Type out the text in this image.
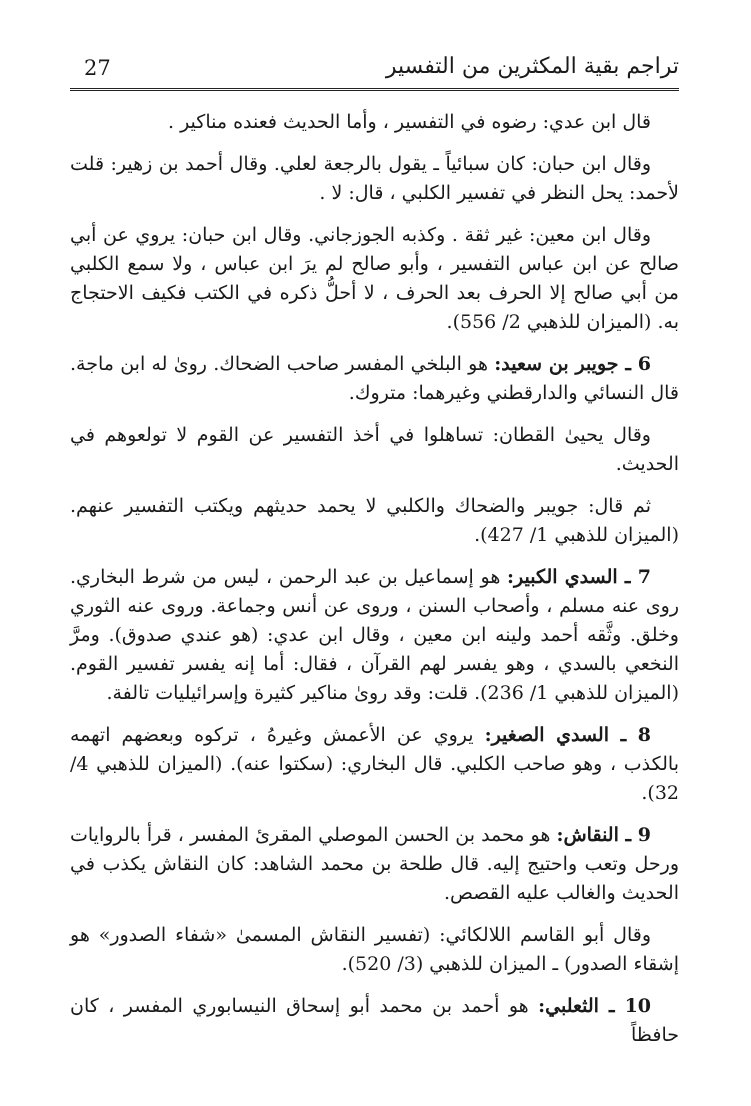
27	تراجم بقية المكثرين من التفسير

قال ابن عدي: رضوه في التفسير ، وأما الحديث فعنده مناكير .

وقال ابن حبان: كان سبائياً ـ يقول بالرجعة لعلي. وقال أحمد بن زهير: قلت لأحمد: يحل النظر في تفسير الكلبي ، قال: لا .

وقال ابن معين: غير ثقة . وكذبه الجوزجاني. وقال ابن حبان: يروي عن أبي صالح عن ابن عباس التفسير ، وأبو صالح لم يرَ ابن عباس ، ولا سمع الكلبي من أبي صالح إلا الحرف بعد الحرف ، لا أحلُّ ذكره في الكتب فكيف الاحتجاج به. (الميزان للذهبي 2/ 556).

6 ـ جويبر بن سعيد: هو البلخي المفسر صاحب الضحاك. روىٰ له ابن ماجة. قال النسائي والدارقطني وغيرهما: متروك.

وقال يحيىٰ القطان: تساهلوا في أخذ التفسير عن القوم لا تولعوهم في الحديث.

ثم قال: جويبر والضحاك والكلبي لا يحمد حديثهم ويكتب التفسير عنهم. (الميزان للذهبي 1/ 427).

7 ـ السدي الكبير: هو إسماعيل بن عبد الرحمن ، ليس من شرط البخاري. روى عنه مسلم ، وأصحاب السنن ، وروى عن أنس وجماعة. وروى عنه الثوري وخلق. وثَّقه أحمد ولينه ابن معين ، وقال ابن عدي: (هو عندي صدوق). ومرَّ النخعي بالسدي ، وهو يفسر لهم القرآن ، فقال: أما إنه يفسر تفسير القوم. (الميزان للذهبي 1/ 236). قلت: وقد روىٰ مناكير كثيرة وإسرائيليات تالفة.

8 ـ السدي الصغير: يروي عن الأعمش وغيرهُ ، تركوه وبعضهم اتهمه بالكذب ، وهو صاحب الكلبي. قال البخاري: (سكتوا عنه). (الميزان للذهبي 4/ 32).

9 ـ النقاش: هو محمد بن الحسن الموصلي المقرئ المفسر ، قرأ بالروايات ورحل وتعب واحتيج إليه. قال طلحة بن محمد الشاهد: كان النقاش يكذب في الحديث والغالب عليه القصص.

وقال أبو القاسم اللالكائي: (تفسير النقاش المسمىٰ «شفاء الصدور» هو إشقاء الصدور) ـ الميزان للذهبي (3/ 520).

10 ـ الثعلبي: هو أحمد بن محمد أبو إسحاق النيسابوري المفسر ، كان حافظاً
